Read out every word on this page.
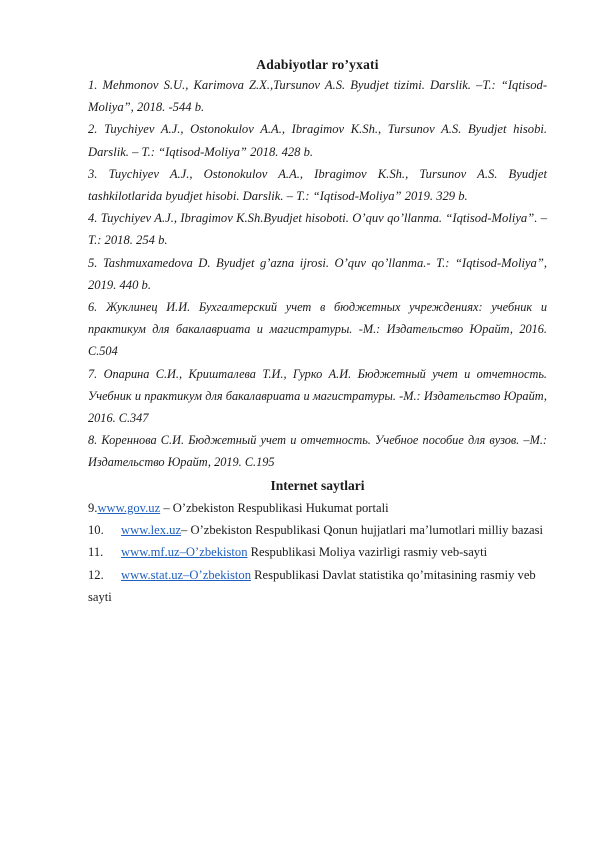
Adabiyotlar ro’yxati

1. Mehmonov S.U., Karimova Z.X.,Tursunov A.S. Byudjet tizimi. Darslik. –T.: “Iqtisod-Moliya”, 2018. -544 b.

2. Tuychiyev A.J., Ostonokulov A.A., Ibragimov K.Sh., Tursunov A.S. Byudjet hisobi. Darslik. – T.: “Iqtisod-Moliya” 2018. 428 b.

3. Tuychiyev A.J., Ostonokulov A.A., Ibragimov K.Sh., Tursunov A.S. Byudjet tashkilotlarida byudjet hisobi. Darslik. – T.: “Iqtisod-Moliya” 2019. 329 b.

4. Tuychiyev A.J., Ibragimov K.Sh.Byudjet hisoboti. O’quv qo’llanma. “Iqtisod-Moliya”. – T.: 2018. 254 b.

5. Tashmuxamedova D. Byudjet g’azna ijrosi. O’quv qo’llanma.- T.: “Iqtisod-Moliya”, 2019. 440 b.

6. Жуклинец И.И. Бухгалтерский учет в бюджетных учреждениях: учебник и практикум для бакалавриата и магистратуры. -М.: Издательство Юрайт, 2016. С.504

7. Опарина С.И., Кришталева Т.И., Гурко А.И. Бюджетный учет и отчетность. Учебник и практикум для бакалавриата и магистратуры. -М.: Издательство Юрайт, 2016. С.347

8. Кореннова С.И. Бюджетный учет и отчетность. Учебное пособие для вузов. –М.: Издательство Юрайт, 2019. С.195

Internet saytlari

9.www.gov.uz – O’zbekiston Respublikasi Hukumat portali

10. www.lex.uz– O’zbekiston Respublikasi Qonun hujjatlari ma’lumotlari milliy bazasi

11. www.mf.uz–O’zbekiston Respublikasi Moliya vazirligi rasmiy veb-sayti

12. www.stat.uz–O’zbekiston Respublikasi Davlat statistika qo’mitasining rasmiy veb sayti
